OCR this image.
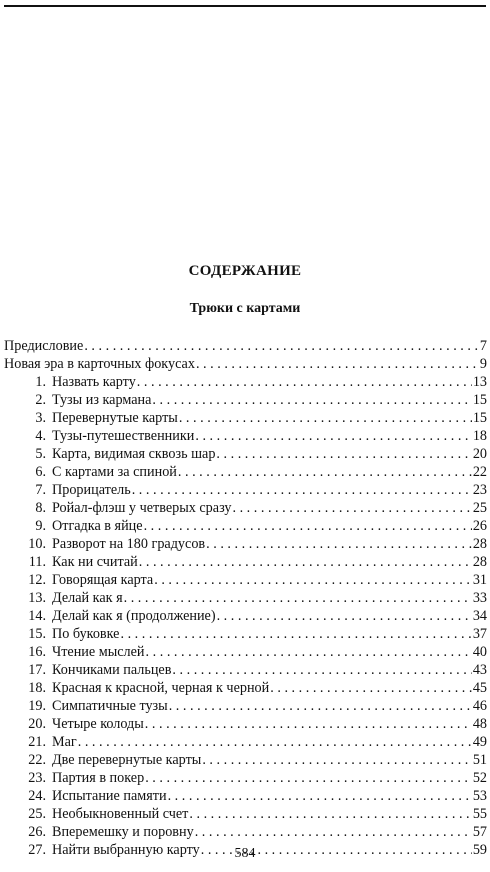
СОДЕРЖАНИЕ
Трюки с картами
Предисловие . . .	7
Новая эра в карточных фокусах . . .	9
1. Назвать карту . . .	13
2. Тузы из кармана . . .	15
3. Перевернутые карты . . .	15
4. Тузы-путешественники . . .	18
5. Карта, видимая сквозь шар . . .	20
6. С картами за спиной . . .	22
7. Прорицатель . . .	23
8. Ройал-флэш у четверых сразу . . .	25
9. Отгадка в яйце . . .	26
10. Разворот на 180 градусов . . .	28
11. Как ни считай . . .	28
12. Говорящая карта . . .	31
13. Делай как я . . .	33
14. Делай как я (продолжение) . . .	34
15. По буковке . . .	37
16. Чтение мыслей . . .	40
17. Кончиками пальцев . . .	43
18. Красная к красной, черная к черной . . .	45
19. Симпатичные тузы . . .	46
20. Четыре колоды . . .	48
21. Маг . . .	49
22. Две перевернутые карты . . .	51
23. Партия в покер . . .	52
24. Испытание памяти . . .	53
25. Необыкновенный счет . . .	55
26. Вперемешку и поровну . . .	57
27. Найти выбранную карту . . .	59
584
